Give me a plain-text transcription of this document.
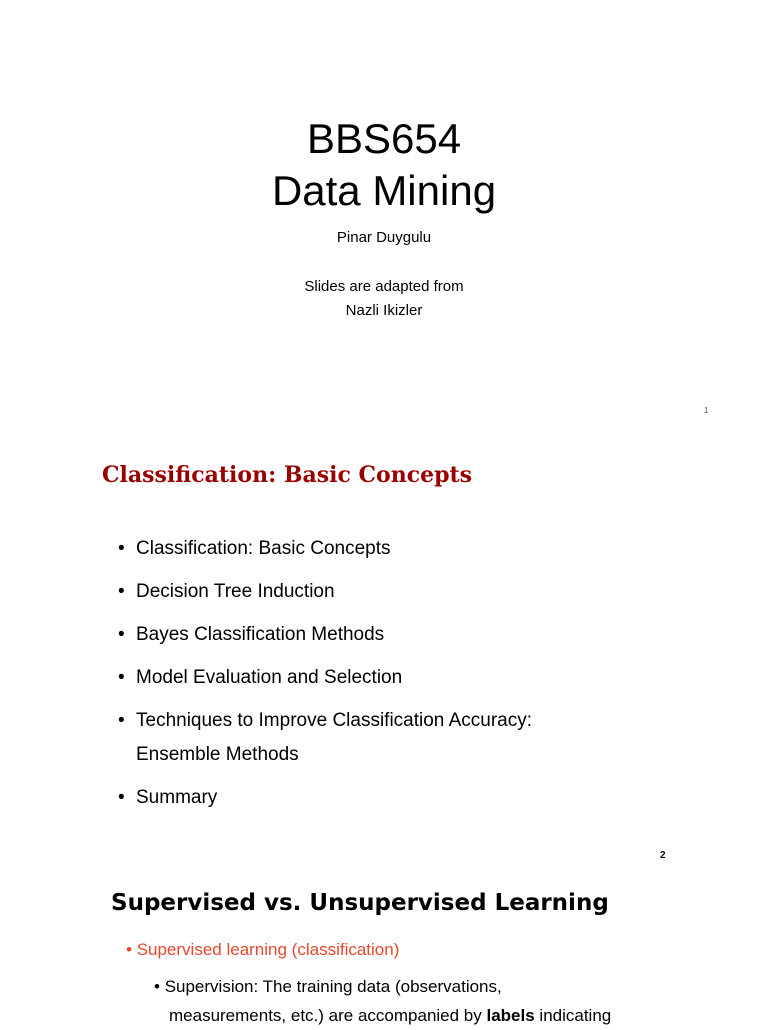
BBS654
Data Mining
Pinar Duygulu
Slides are adapted from
Nazli Ikizler
1
Classification: Basic Concepts
• Classification: Basic Concepts
• Decision Tree Induction
• Bayes Classification Methods
• Model Evaluation and Selection
• Techniques to Improve Classification Accuracy:
Ensemble Methods
• Summary
2
Supervised vs. Unsupervised Learning
• Supervised learning (classification)
• Supervision: The training data (observations,
measurements, etc.) are accompanied by labels indicating
